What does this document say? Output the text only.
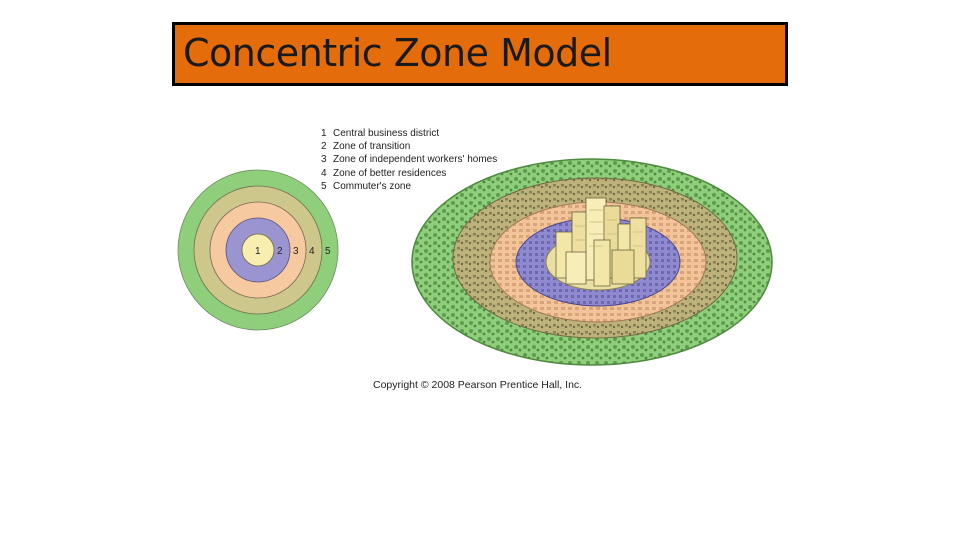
Concentric Zone Model
1 Central business district
2 Zone of transition
3 Zone of independent workers' homes
4 Zone of better residences
5 Commuter's zone
1 2 3 4 5
Copyright © 2008 Pearson Prentice Hall, Inc.
